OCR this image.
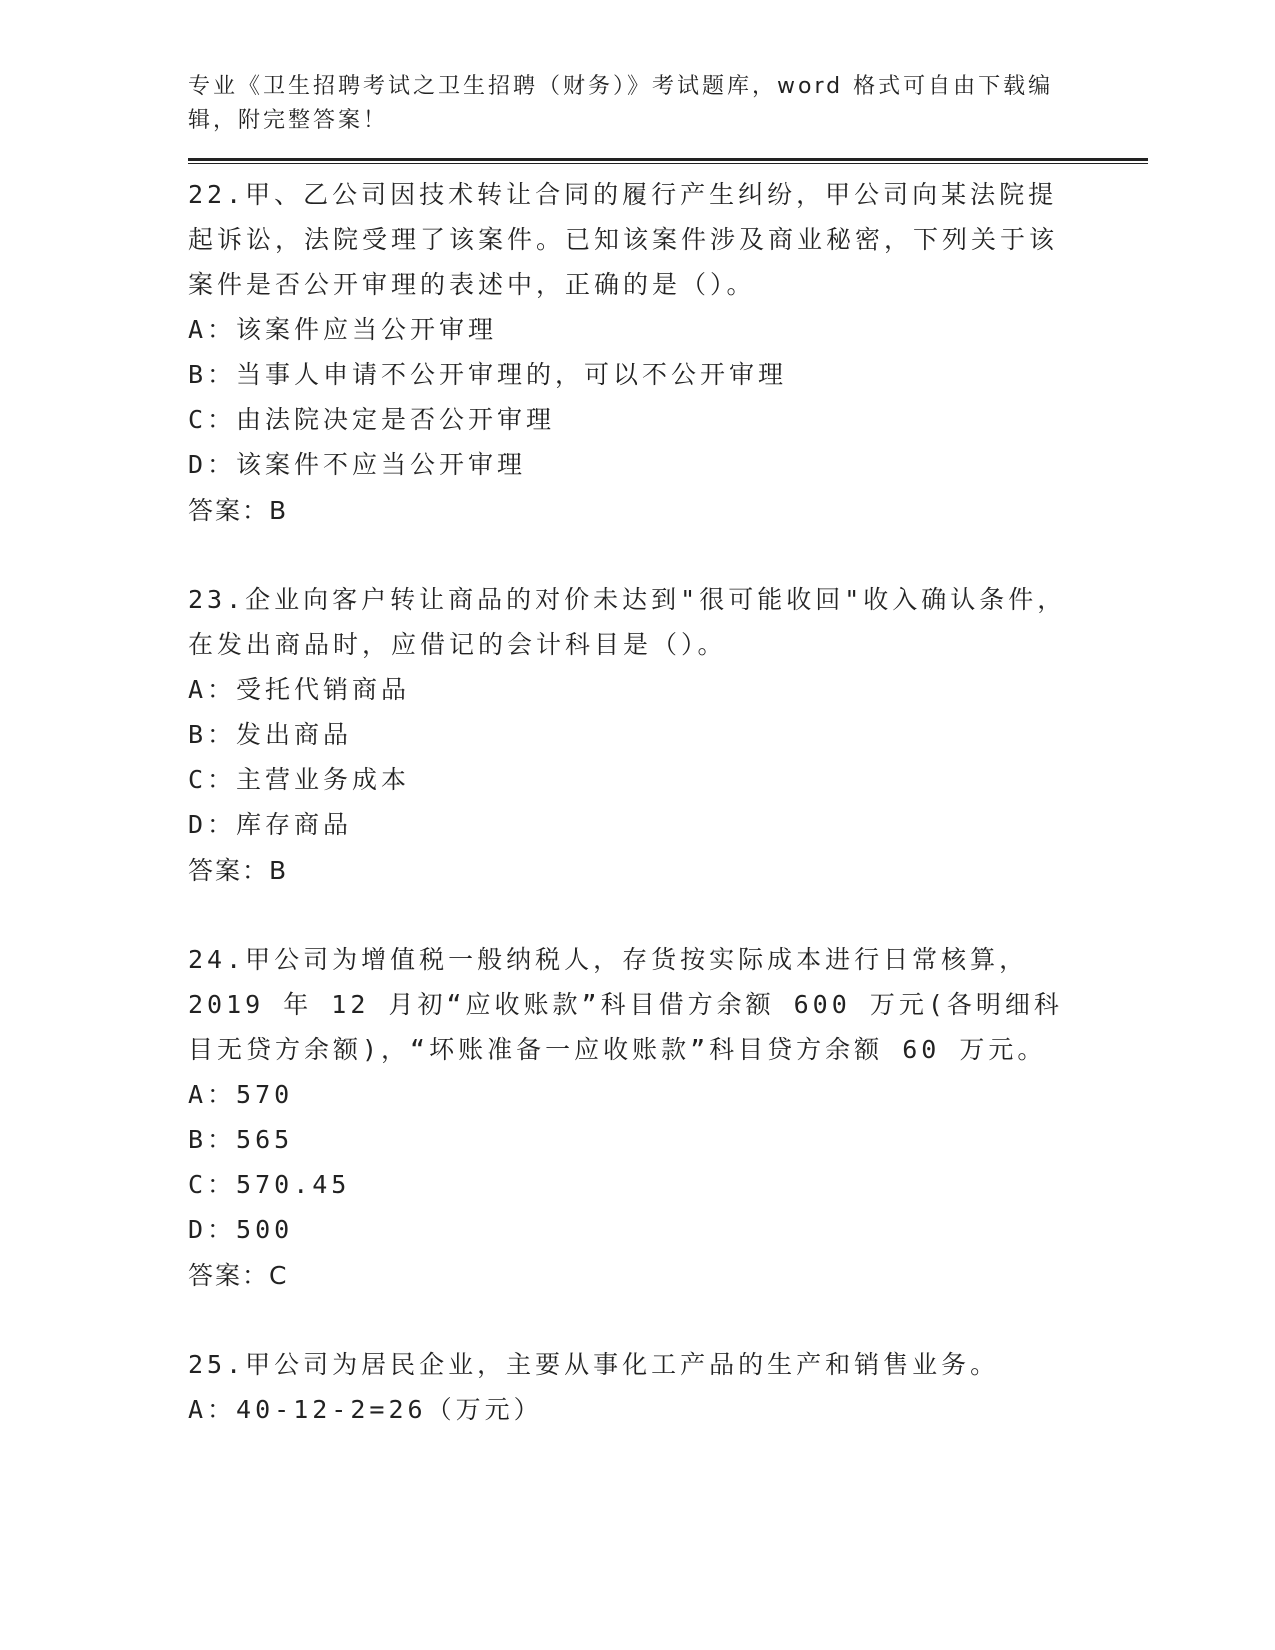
专业《卫生招聘考试之卫生招聘（财务）》考试题库，word 格式可自由下载编辑，附完整答案！
22.甲、乙公司因技术转让合同的履行产生纠纷，甲公司向某法院提起诉讼，法院受理了该案件。已知该案件涉及商业秘密，下列关于该案件是否公开审理的表述中，正确的是（）。
A：该案件应当公开审理
B：当事人申请不公开审理的，可以不公开审理
C：由法院决定是否公开审理
D：该案件不应当公开审理
答案：B
23.企业向客户转让商品的对价未达到"很可能收回"收入确认条件，在发出商品时，应借记的会计科目是（）。
A：受托代销商品
B：发出商品
C：主营业务成本
D：库存商品
答案：B
24.甲公司为增值税一般纳税人，存货按实际成本进行日常核算，2019 年 12 月初“应收账款”科目借方余额 600 万元(各明细科目无贷方余额)，“坏账准备一应收账款”科目贷方余额 60 万元。
A：570
B：565
C：570.45
D：500
答案：C
25.甲公司为居民企业，主要从事化工产品的生产和销售业务。
A：40-12-2=26（万元）
